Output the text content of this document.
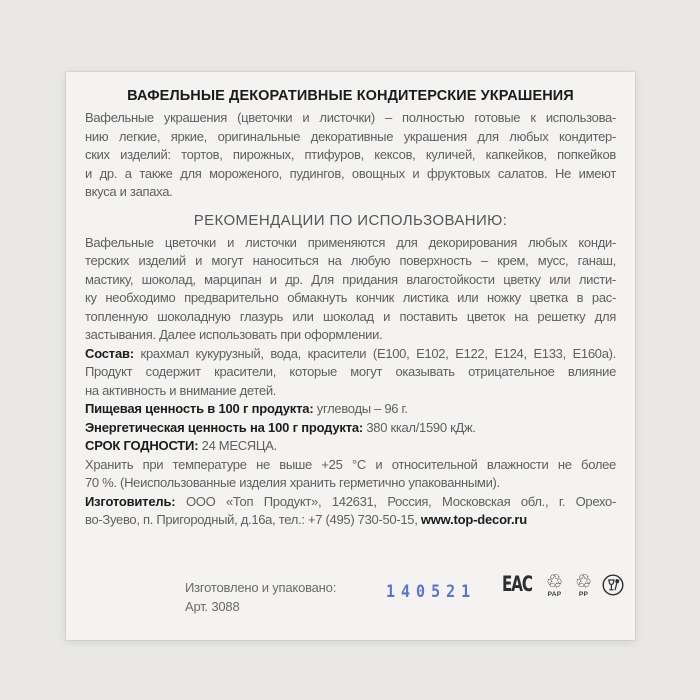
ВАФЕЛЬНЫЕ ДЕКОРАТИВНЫЕ КОНДИТЕРСКИЕ УКРАШЕНИЯ
Вафельные украшения (цветочки и листочки) – полностью готовые к использова-
нию легкие, яркие, оригинальные декоративные украшения для любых кондитер-
ских изделий: тортов, пирожных, птифуров, кексов, куличей, капкейков, попкейков
и др. а также для мороженого, пудингов, овощных и фруктовых салатов. Не имеют
вкуса и запаха.
РЕКОМЕНДАЦИИ ПО ИСПОЛЬЗОВАНИЮ:
Вафельные цветочки и листочки применяются для декорирования любых конди-
терских изделий и могут наноситься на любую поверхность – крем, мусс, ганаш,
мастику, шоколад, марципан и др. Для придания влагостойкости цветку или листи-
ку необходимо предварительно обмакнуть кончик листика или ножку цветка в рас-
топленную шоколадную глазурь или шоколад и поставить цветок на решетку для
застывания. Далее использовать при оформлении.
Состав: крахмал кукурузный, вода, красители (Е100, Е102, Е122, Е124, Е133, Е160а).
Продукт содержит красители, которые могут оказывать отрицательное влияние
на активность и внимание детей.
Пищевая ценность в 100 г продукта: углеводы – 96 г.
Энергетическая ценность на 100 г продукта: 380 ккал/1590 кДж.
СРОК ГОДНОСТИ: 24 МЕСЯЦА.
Хранить при температуре не выше +25 °С и относительной влажности не более
70 %. (Неиспользованные изделия хранить герметично упакованными).
Изготовитель: ООО «Топ Продукт», 142631, Россия, Московская обл., г. Орехо-
во-Зуево, п. Пригородный, д.16а, тел.: +7 (495) 730-50-15, www.top-decor.ru
Изготовлено и упаковано:
Арт. 3088
140521 EAC ♲
PAP
♲
PP
